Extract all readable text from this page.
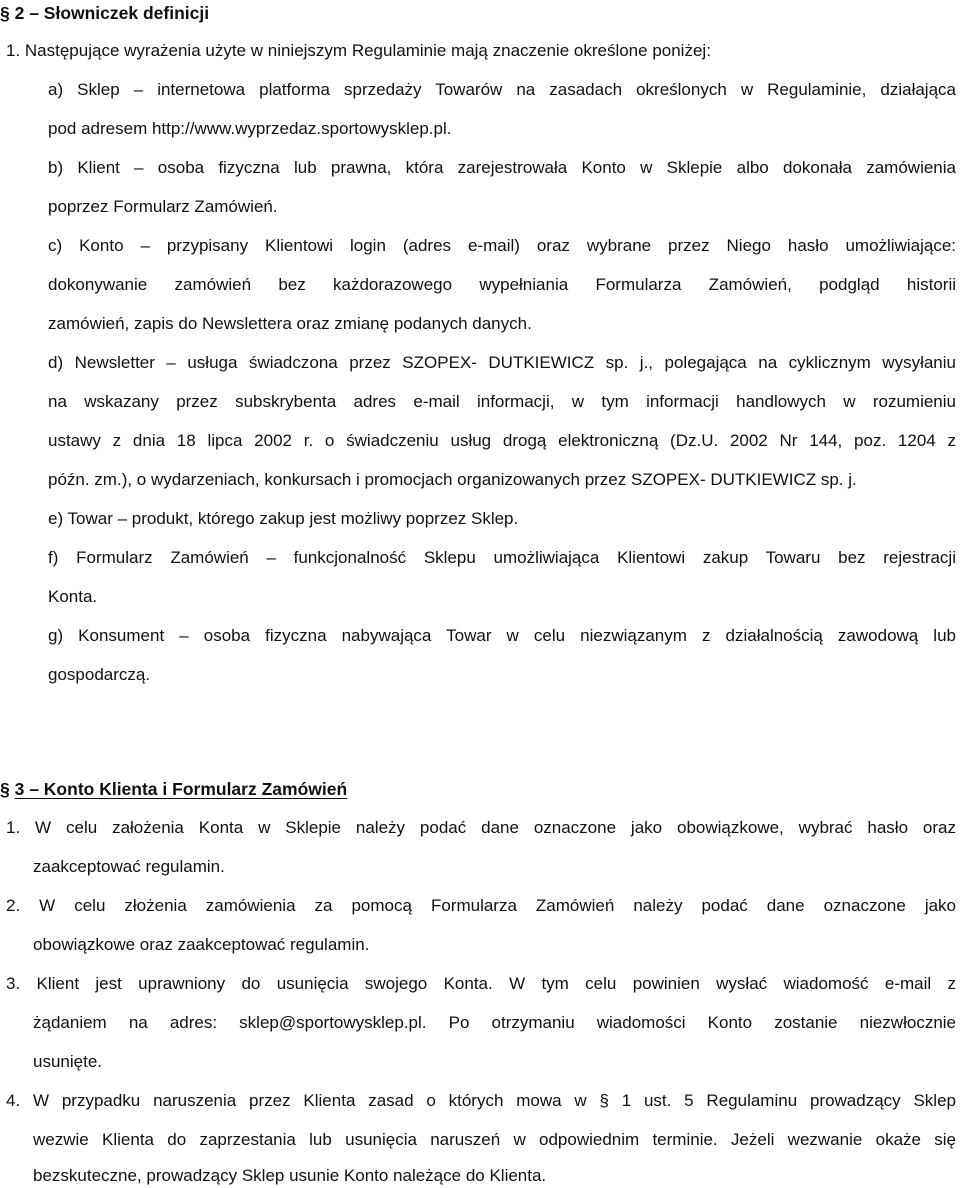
§ 2 – Słowniczek definicji
1. Następujące wyrażenia użyte w niniejszym Regulaminie mają znaczenie określone poniżej:
a) Sklep – internetowa platforma sprzedaży Towarów na zasadach określonych w Regulaminie, działająca
pod adresem http://www.wyprzedaz.sportowysklep.pl.
b) Klient – osoba fizyczna lub prawna, która zarejestrowała Konto w Sklepie albo dokonała zamówienia
poprzez Formularz Zamówień.
c) Konto – przypisany Klientowi login (adres e-mail) oraz wybrane przez Niego hasło umożliwiające:
dokonywanie zamówień bez każdorazowego wypełniania Formularza Zamówień, podgląd historii
zamówień, zapis do Newslettera oraz zmianę podanych danych.
d) Newsletter – usługa świadczona przez SZOPEX- DUTKIEWICZ sp. j., polegająca na cyklicznym wysyłaniu
na wskazany przez subskrybenta adres e-mail informacji, w tym informacji handlowych w rozumieniu
ustawy z dnia 18 lipca 2002 r. o świadczeniu usług drogą elektroniczną (Dz.U. 2002 Nr 144, poz. 1204 z
późn. zm.), o wydarzeniach, konkursach i promocjach organizowanych przez SZOPEX- DUTKIEWICZ sp. j.
e) Towar – produkt, którego zakup jest możliwy poprzez Sklep.
f) Formularz Zamówień – funkcjonalność Sklepu umożliwiająca Klientowi zakup Towaru bez rejestracji
Konta.
g) Konsument – osoba fizyczna nabywająca Towar w celu niezwiązanym z działalnością zawodową lub
gospodarczą.
§ 3 – Konto Klienta i Formularz Zamówień
1. W celu założenia Konta w Sklepie należy podać dane oznaczone jako obowiązkowe, wybrać hasło oraz
zaakceptować regulamin.
2. W celu złożenia zamówienia za pomocą Formularza Zamówień należy podać dane oznaczone jako
obowiązkowe oraz zaakceptować regulamin.
3. Klient jest uprawniony do usunięcia swojego Konta. W tym celu powinien wysłać wiadomość e-mail z
żądaniem na adres: sklep@sportowysklep.pl. Po otrzymaniu wiadomości Konto zostanie niezwłocznie
usunięte.
4. W przypadku naruszenia przez Klienta zasad o których mowa w § 1 ust. 5 Regulaminu prowadzący Sklep
wezwie Klienta do zaprzestania lub usunięcia naruszeń w odpowiednim terminie. Jeżeli wezwanie okaże się
bezskuteczne, prowadzący Sklep usunie Konto należące do Klienta.
